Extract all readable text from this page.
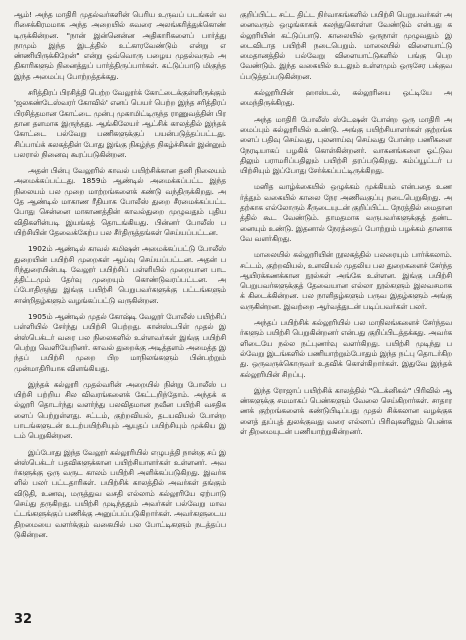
ஆம்! அந்த மாதிரி முதல்வர்களின் பெரிய உருவப் படங்கள் வரிசைக்கிரமமாக அந்த அறையில் சுவரை அலங்கரித்துக்கொண் டிருக்கின்றன. "நான் இன்னென்ன அதிகாரிகளைப் பார்த்து நாமும் இந்த இடத்தில் உட்காரவேண்டும் என்று எண்ணியிருக்கிறேன்" என்று ஒவ்வொரு பழைய முதல்வரும் அதிகாரிகளும் நினைத்துப் பார்த்திருப்பார்கள். கட்டுப்பாடு மிகுந்த இந்த அமைப்பு போற்றத்தக்கது.

சரித்திரப் பிரசித்தி பெற்ற வேலூர்க் கோட்டைக்குள்ளிருக்கும் 'ஜலகண்டேஸ்வரர் கோவில்' எனப் பெயர் பெற்ற இந்த சரித்திரப் பிரசித்தமான கோட்டை முன்பு முகாமிட்டிருந்த ராணுவத்தின் பிரதான தளமாக இருந்தது. ஆங்கிலேயர் ஆட்சிக் காலத்தில் இந்தக் கோட்டை பல்வேறு பணிகளுக்குப் பயன்படுத்தப்பட்டது. சிப்பாய்க் கலகத்தின் போது இங்கு நிகழ்ந்த நிகழ்ச்சிகள் இன்னும் பலரால் நினைவு கூரப்படுகின்றன.

அதன் பின்பு வேலூரில் காவல் பயிற்சிக்கான தனி நிலையம் அமைக்கப்பட்டது. 1859ம் ஆண்டில் அமைக்கப்பட்ட இந்த நிலையம் பல முறை மாற்றங்களைக் கண்டு வந்திருக்கிறது. அதே ஆண்டில் மாகாண ரீதியாக போலீஸ் துறை சீரமைக்கப்பட்ட போது சென்னை மாகாணத்தின் காவல்துறை முழுவதும் புதிய விதிகளின்படி இயங்கத் தொடங்கியது. பின்னர் போலீஸ் பயிற்சியின் தேவைக்கேற்ப பல சீர்திருத்தங்கள் செய்யப்பட்டன.

1902ம் ஆண்டில் காவல் கமிஷன் அமைக்கப்பட்டு போலீஸ் துறையின் பயிற்சி முறைகள் ஆய்வு செய்யப்பட்டன. அதன் பரிந்துரையின்படி வேலூர் பயிற்சிப் பள்ளியில் முறையான பாடத்திட்டமும் தேர்வு முறையும் கொண்டுவரப்பட்டன. அப்போதிருந்து இங்கு பயிற்சி பெறுபவர்களுக்கு பட்டங்களும் சான்றிதழ்களும் வழங்கப்பட்டு வருகின்றன.

1905ம் ஆண்டில் முதல் கோஷ்டி வேலூர் போலீஸ் பயிற்சிப் பள்ளியில் சேர்ந்து பயிற்சி பெற்றது. கான்ஸ்டபிள் முதல் இன்ஸ்பெக்டர் வரை பல நிலைகளில் உள்ளவர்கள் இங்கு பயிற்சி பெற்று வெளியேறினர். காவல் துறைக்கு அடித்தளம் அமைத்த இந்தப் பயிற்சி முறை பிற மாநிலங்களும் பின்பற்றும் முன்மாதிரியாக விளங்கியது.

இந்தக் கல்லூரி முதல்வரின் அறையில் நின்று போலீஸ் பயிற்சி பற்றிய சில விவரங்களைக் கேட்டறிந்தோம். அந்தக் கல்லூரி தொடர்ந்து வளர்ந்து பலவிதமான நவீன பயிற்சி வசதிகளைப் பெற்றுள்ளது. சட்டம், குற்றவியல், தடயவியல் போன்ற பாடங்களுடன் உடற்பயிற்சியும் ஆயுதப் பயிற்சியும் முக்கிய இடம் பெறுகின்றன.

இப்போது இந்த வேலூர் கல்லூரியில் எழுபத்தி நான்கு சப் இன்ஸ்பெக்டர் பதவிகளுக்கான பயிற்சியாளர்கள் உள்ளனர். அவர்களுக்கு ஒரு வருட காலம் பயிற்சி அளிக்கப்படுகிறது. இவர்களில் பலர் பட்டதாரிகள். பயிற்சிக் காலத்தில் அவர்கள் தங்கும் விடுதி, உணவு, மருத்துவ வசதி எல்லாம் கல்லூரியே ஏற்பாடு செய்து தருகிறது. பயிற்சி முடிந்ததும் அவர்கள் பல்வேறு மாவட்டங்களுக்குப் பணிக்கு அனுப்பப்படுகிறார்கள். அவர்களுடைய திறமையை வளர்க்கும் வகையில் பல போட்டிகளும் நடத்தப்படுகின்றன.

குறிப்பிட்ட சட்ட திட்ட நிர்வாகங்களில் பயிற்சி பெறுபவர்கள் அனைவரும் ஒழுங்காகக் கலந்துகொள்ள வேண்டும் என்பது கல்லூரியின் கட்டுப்பாடு. காலையில் ஒருநாள் முழுவதும் இடைவிடாத பயிற்சி நடைபெறும். மாலையில் விளையாட்டு மைதானத்தில் பல்வேறு விளையாட்டுகளில் பங்கு பெற வேண்டும். இந்த வகையில் உடலும் உள்ளமும் ஒருசேர பக்குவப்படுத்தப்படுகின்றன.

கல்லூரியின் ஹாஸ்டல், கல்லூரியை ஒட்டியே அமைந்திருக்கிறது.

அந்த மாதிரி போலீஸ் ஸ்டேஷன் போன்ற ஒரு மாதிரி அமைப்பும் கல்லூரியில் உண்டு. அங்கு பயிற்சியாளர்கள் குற்றங்களைப் பதிவு செய்வது, புலனாய்வு செய்வது போன்ற பணிகளை நேரடியாகப் பழகிக் கொள்கின்றனர். வாகனங்களை ஓட்டுவதிலும் பராமரிப்பதிலும் பயிற்சி தரப்படுகிறது. கம்ப்யூட்டர் பயிற்சியும் இப்போது சேர்க்கப்பட்டிருக்கிறது.

மனித வாழ்க்கையில் ஒழுக்கம் முக்கியம் என்பதை உணர்த்தும் வகையில் காலை நேர அணிவகுப்பு நடைபெறுகிறது. அதற்காக எல்லோரும் சீருடையுடன் குறிப்பிட்ட நேரத்தில் மைதானத்தில் கூட வேண்டும். தாமதமாக வருபவர்களுக்குத் தண்டனையும் உண்டு. இதனால் நேரத்தைப் போற்றும் பழக்கம் தானாகவே வளர்கிறது.

மாலையில் கல்லூரியின் நூலகத்தில் பலரையும் பார்க்கலாம். சட்டம், குற்றவியல், உளவியல் முதலிய பல துறைகளைச் சேர்ந்த ஆயிரக்கணக்கான நூல்கள் அங்கே உள்ளன. இங்கு பயிற்சி பெறுபவர்களுக்குத் தேவையான எல்லா நூல்களும் இலவசமாகக் கிடைக்கின்றன. பல நாளிதழ்களும் பருவ இதழ்களும் அங்கு வருகின்றன. இவற்றை ஆர்வத்துடன் படிப்பவர்கள் பலர்.

அந்தப் பயிற்சிக் கல்லூரியில் பல மாநிலங்களைச் சேர்ந்தவர்களும் பயிற்சி பெறுகின்றனர் என்பது குறிப்பிடத்தக்கது. அவர்களிடையே நல்ல நட்புணர்வு வளர்கிறது. பயிற்சி முடிந்து பல்வேறு இடங்களில் பணியாற்றும்போதும் இந்த நட்பு தொடர்கிறது. ஒருவருக்கொருவர் உதவிக் கொள்கிறார்கள். இதுவே இந்தக் கல்லூரியின் சிறப்பு.

இந்த ரோஜாப் பயிற்சிக் காலத்தில் "டெக்னிகல்" பிரிவில் ஆண்களுக்கு சமமாகப் பெண்களும் வேலை செய்கிறார்கள். சாதாரணக் குற்றங்களைக் கண்டுபிடிப்பது முதல் சிக்கலான வழக்குகளைத் துப்புத் துலக்குவது வரை எல்லாப் பிரிவுகளிலும் பெண்கள் திறமையுடன் பணியாற்றுகின்றனர்.

32
